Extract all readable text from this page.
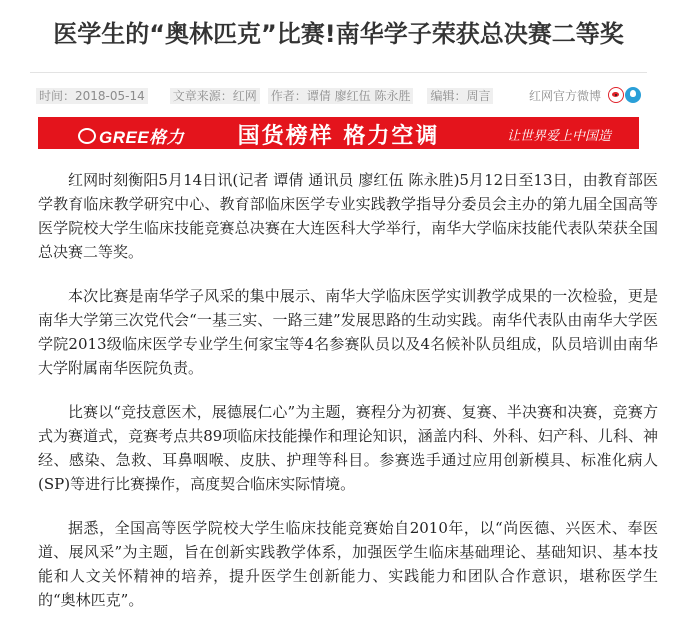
医学生的“奥林匹克”比赛!南华学子荣获总决赛二等奖
时间：2018-05-14 文章来源：红网 作者：谭倩 廖红伍 陈永胜 编辑：周言	红网官方微博
GREE格力	国货榜样 格力空调	让世界爱上中国造

红网时刻衡阳5月14日讯(记者 谭倩 通讯员 廖红伍 陈永胜)5月12日至13日，由教育部医学教育临床教学研究中心、教育部临床医学专业实践教学指导分委员会主办的第九届全国高等医学院校大学生临床技能竞赛总决赛在大连医科大学举行，南华大学临床技能代表队荣获全国总决赛二等奖。

本次比赛是南华学子风采的集中展示、南华大学临床医学实训教学成果的一次检验，更是南华大学第三次党代会“一基三实、一路三建”发展思路的生动实践。南华代表队由南华大学医学院2013级临床医学专业学生何家宝等4名参赛队员以及4名候补队员组成，队员培训由南华大学附属南华医院负责。

比赛以“竞技意医术，展德展仁心”为主题，赛程分为初赛、复赛、半决赛和决赛，竞赛方式为赛道式，竞赛考点共89项临床技能操作和理论知识，涵盖内科、外科、妇产科、儿科、神经、感染、急救、耳鼻咽喉、皮肤、护理等科目。参赛选手通过应用创新模具、标准化病人(SP)等进行比赛操作，高度契合临床实际情境。

据悉，全国高等医学院校大学生临床技能竞赛始自2010年，以“尚医德、兴医术、奉医道、展风采”为主题，旨在创新实践教学体系，加强医学生临床基础理论、基础知识、基本技能和人文关怀精神的培养，提升医学生创新能力、实践能力和团队合作意识，堪称医学生的“奥林匹克”。
